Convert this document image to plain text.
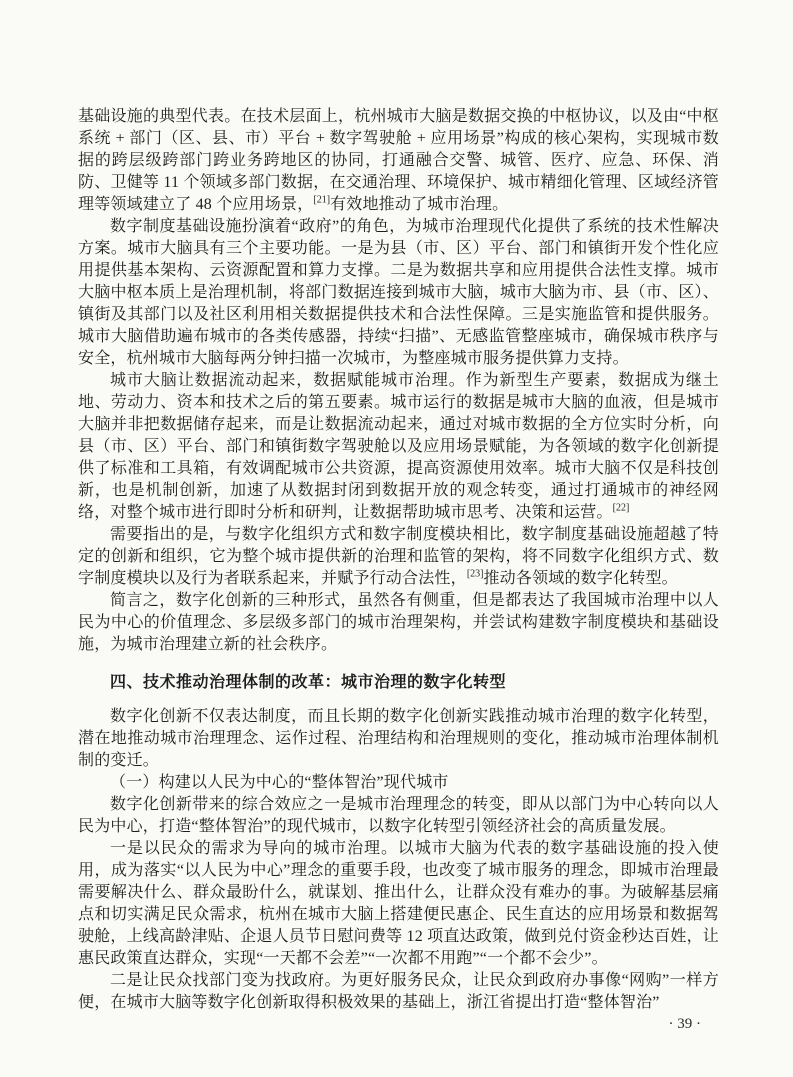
基础设施的典型代表。在技术层面上，杭州城市大脑是数据交换的中枢协议，以及由“中枢系统 + 部门（区、县、市）平台 + 数字驾驶舱 + 应用场景”构成的核心架构，实现城市数据的跨层级跨部门跨业务跨地区的协同，打通融合交警、城管、医疗、应急、环保、消防、卫健等 11 个领域多部门数据，在交通治理、环境保护、城市精细化管理、区域经济管理等领域建立了 48 个应用场景，[21]有效地推动了城市治理。

数字制度基础设施扮演着“政府”的角色，为城市治理现代化提供了系统的技术性解决方案。城市大脑具有三个主要功能。一是为县（市、区）平台、部门和镇街开发个性化应用提供基本架构、云资源配置和算力支撑。二是为数据共享和应用提供合法性支撑。城市大脑中枢本质上是治理机制，将部门数据连接到城市大脑，城市大脑为市、县（市、区）、镇街及其部门以及社区利用相关数据提供技术和合法性保障。三是实施监管和提供服务。城市大脑借助遍布城市的各类传感器，持续“扫描”、无感监管整座城市，确保城市秩序与安全，杭州城市大脑每两分钟扫描一次城市，为整座城市服务提供算力支持。

城市大脑让数据流动起来，数据赋能城市治理。作为新型生产要素，数据成为继土地、劳动力、资本和技术之后的第五要素。城市运行的数据是城市大脑的血液，但是城市大脑并非把数据储存起来，而是让数据流动起来，通过对城市数据的全方位实时分析，向县（市、区）平台、部门和镇街数字驾驶舱以及应用场景赋能，为各领域的数字化创新提供了标准和工具箱，有效调配城市公共资源，提高资源使用效率。城市大脑不仅是科技创新，也是机制创新，加速了从数据封闭到数据开放的观念转变，通过打通城市的神经网络，对整个城市进行即时分析和研判，让数据帮助城市思考、决策和运营。[22]

需要指出的是，与数字化组织方式和数字制度模块相比，数字制度基础设施超越了特定的创新和组织，它为整个城市提供新的治理和监管的架构，将不同数字化组织方式、数字制度模块以及行为者联系起来，并赋予行动合法性，[23]推动各领域的数字化转型。

简言之，数字化创新的三种形式，虽然各有侧重，但是都表达了我国城市治理中以人民为中心的价值理念、多层级多部门的城市治理架构，并尝试构建数字制度模块和基础设施，为城市治理建立新的社会秩序。

四、技术推动治理体制的改革：城市治理的数字化转型

数字化创新不仅表达制度，而且长期的数字化创新实践推动城市治理的数字化转型，潜在地推动城市治理理念、运作过程、治理结构和治理规则的变化，推动城市治理体制机制的变迁。

（一）构建以人民为中心的“整体智治”现代城市

数字化创新带来的综合效应之一是城市治理理念的转变，即从以部门为中心转向以人民为中心，打造“整体智治”的现代城市，以数字化转型引领经济社会的高质量发展。

一是以民众的需求为导向的城市治理。以城市大脑为代表的数字基础设施的投入使用，成为落实“以人民为中心”理念的重要手段，也改变了城市服务的理念，即城市治理最需要解决什么、群众最盼什么，就谋划、推出什么，让群众没有难办的事。为破解基层痛点和切实满足民众需求，杭州在城市大脑上搭建便民惠企、民生直达的应用场景和数据驾驶舱，上线高龄津贴、企退人员节日慰问费等 12 项直达政策，做到兑付资金秒达百姓，让惠民政策直达群众，实现“一天都不会差”“一次都不用跑”“一个都不会少”。

二是让民众找部门变为找政府。为更好服务民众，让民众到政府办事像“网购”一样方便，在城市大脑等数字化创新取得积极效果的基础上，浙江省提出打造“整体智治”

· 39 ·
